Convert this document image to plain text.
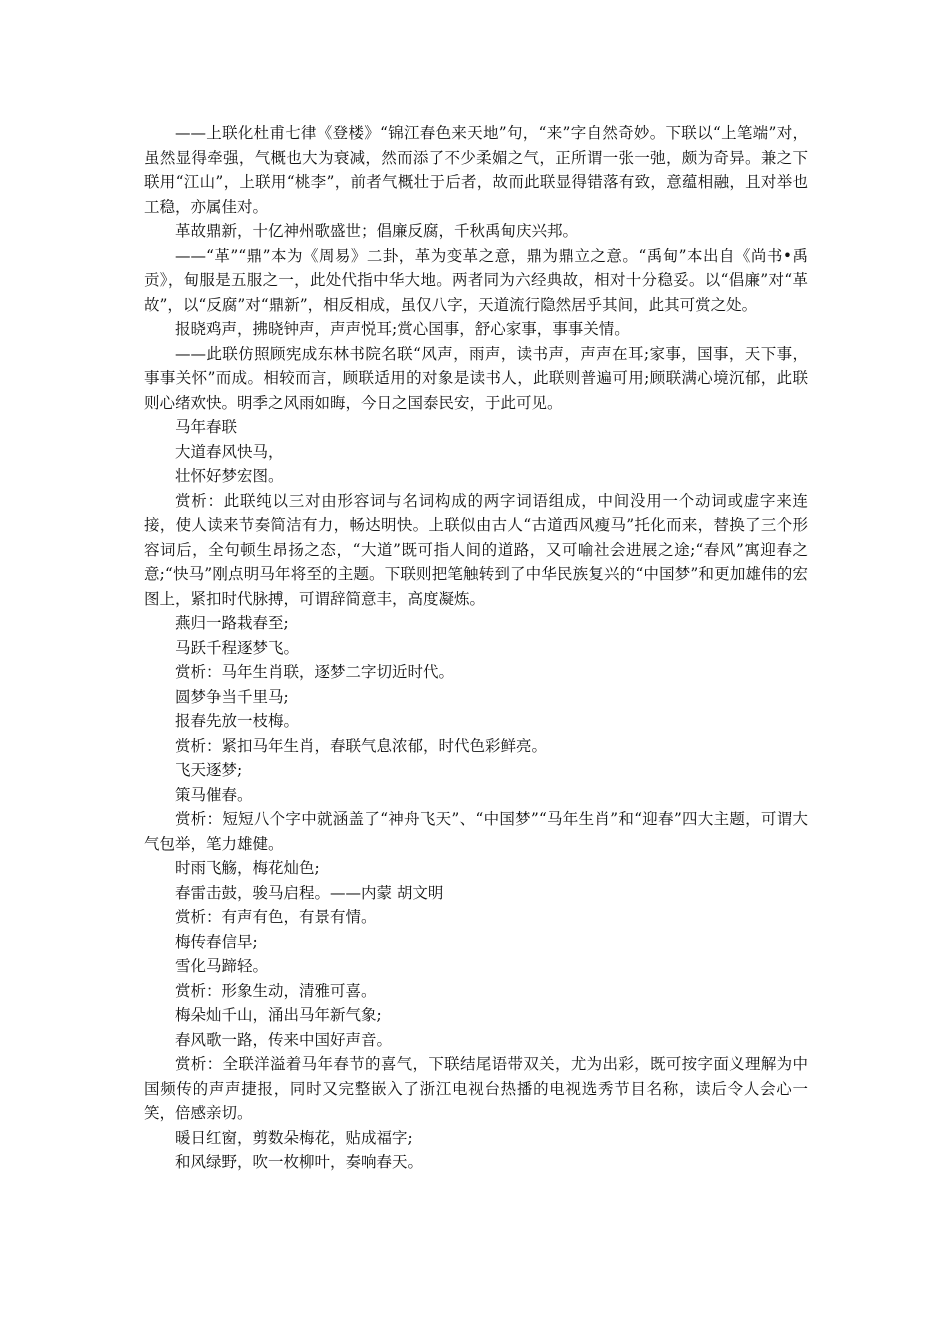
——上联化杜甫七律《登楼》“锦江春色来天地”句，“来”字自然奇妙。下联以“上笔端”对，虽然显得牵强，气概也大为衰减，然而添了不少柔媚之气，正所谓一张一弛，颇为奇异。兼之下联用“江山”，上联用“桃李”，前者气概壮于后者，故而此联显得错落有致，意蕴相融，且对举也工稳，亦属佳对。

革故鼎新，十亿神州歌盛世；倡廉反腐，千秋禹甸庆兴邦。

——“革”“鼎”本为《周易》二卦，革为变革之意，鼎为鼎立之意。“禹甸”本出自《尚书•禹贡》，甸服是五服之一，此处代指中华大地。两者同为六经典故，相对十分稳妥。以“倡廉”对“革故”，以“反腐”对“鼎新”，相反相成，虽仅八字，天道流行隐然居乎其间，此其可赏之处。

报晓鸡声，拂晓钟声，声声悦耳;赏心国事，舒心家事，事事关情。

——此联仿照顾宪成东林书院名联“风声，雨声，读书声，声声在耳;家事，国事，天下事，事事关怀”而成。相较而言，顾联适用的对象是读书人，此联则普遍可用;顾联满心境沉郁，此联则心绪欢快。明季之风雨如晦，今日之国泰民安，于此可见。

马年春联

大道春风快马，

壮怀好梦宏图。

赏析：此联纯以三对由形容词与名词构成的两字词语组成，中间没用一个动词或虚字来连接，使人读来节奏简洁有力，畅达明快。上联似由古人“古道西风瘦马”托化而来，替换了三个形容词后，全句顿生昂扬之态，“大道”既可指人间的道路，又可喻社会进展之途;“春风”寓迎春之意;“快马”刚点明马年将至的主题。下联则把笔触转到了中华民族复兴的“中国梦”和更加雄伟的宏图上，紧扣时代脉搏，可谓辞简意丰，高度凝炼。

燕归一路栽春至;

马跃千程逐梦飞。

赏析：马年生肖联，逐梦二字切近时代。

圆梦争当千里马;

报春先放一枝梅。

赏析：紧扣马年生肖，春联气息浓郁，时代色彩鲜亮。

飞天逐梦;

策马催春。

赏析：短短八个字中就涵盖了“神舟飞天”、“中国梦”“马年生肖”和“迎春”四大主题，可谓大气包举，笔力雄健。

时雨飞觞，梅花灿色;

春雷击鼓，骏马启程。——内蒙 胡文明

赏析：有声有色，有景有情。

梅传春信早;

雪化马蹄轻。

赏析：形象生动，清雅可喜。

梅朵灿千山，涌出马年新气象;

春风歌一路，传来中国好声音。

赏析：全联洋溢着马年春节的喜气，下联结尾语带双关，尤为出彩，既可按字面义理解为中国频传的声声捷报，同时又完整嵌入了浙江电视台热播的电视选秀节目名称，读后令人会心一笑，倍感亲切。

暖日红窗，剪数朵梅花，贴成福字;

和风绿野，吹一枚柳叶，奏响春天。
